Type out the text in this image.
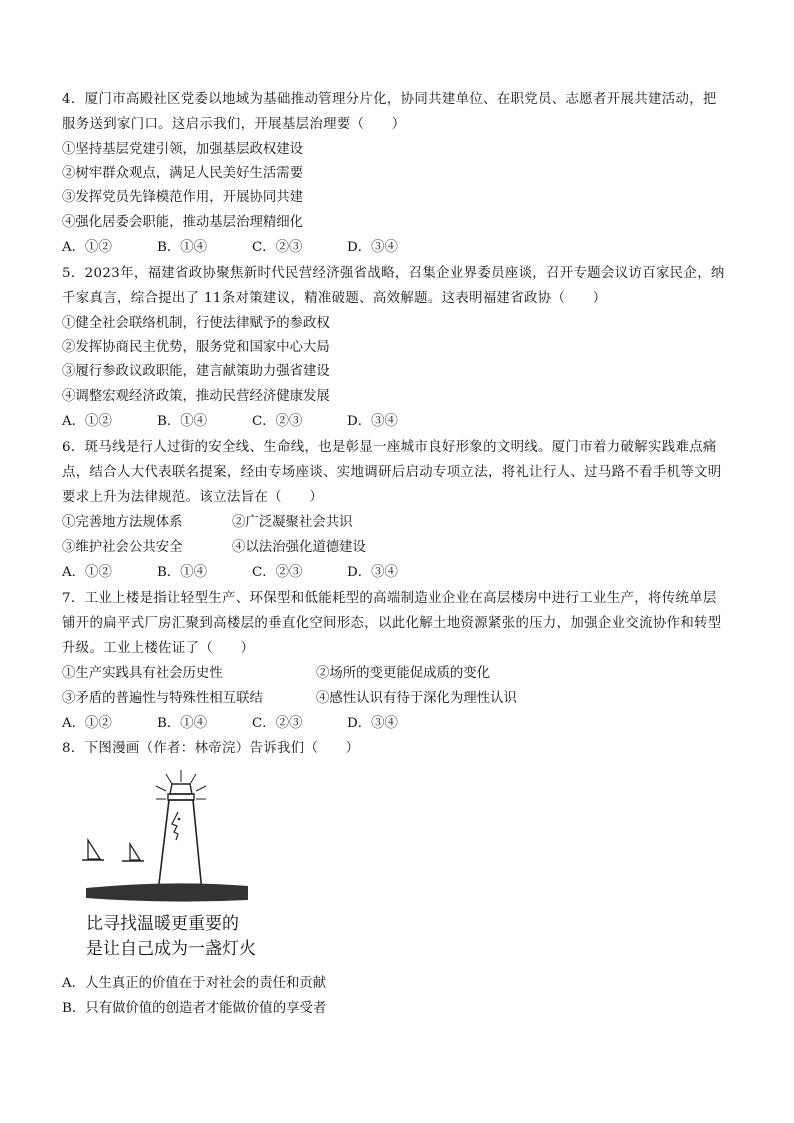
4．厦门市高殿社区党委以地域为基础推动管理分片化，协同共建单位、在职党员、志愿者开展共建活动，把
服务送到家门口。这启示我们，开展基层治理要（　　）
①坚持基层党建引领，加强基层政权建设
②树牢群众观点，满足人民美好生活需要
③发挥党员先锋模范作用，开展协同共建
④强化居委会职能，推动基层治理精细化
A．①②	B．①④	C．②③	D．③④
5．2023年，福建省政协聚焦新时代民营经济强省战略，召集企业界委员座谈，召开专题会议访百家民企，纳
千家真言，综合提出了 11条对策建议，精准破题、高效解题。这表明福建省政协（　　）
①健全社会联络机制，行使法律赋予的参政权
②发挥协商民主优势，服务党和国家中心大局
③履行参政议政职能，建言献策助力强省建设
④调整宏观经济政策，推动民营经济健康发展
A．①②	B．①④	C．②③	D．③④
6．斑马线是行人过街的安全线、生命线，也是彰显一座城市良好形象的文明线。厦门市着力破解实践难点痛
点，结合人大代表联名提案，经由专场座谈、实地调研后启动专项立法，将礼让行人、过马路不看手机等文明
要求上升为法律规范。该立法旨在（　　）
①完善地方法规体系	②广泛凝聚社会共识
③维护社会公共安全	④以法治强化道德建设
A．①②	B．①④	C．②③	D．③④
7．工业上楼是指让轻型生产、环保型和低能耗型的高端制造业企业在高层楼房中进行工业生产，将传统单层
铺开的扁平式厂房汇聚到高楼层的垂直化空间形态，以此化解土地资源紧张的压力，加强企业交流协作和转型
升级。工业上楼佐证了（　　）
①生产实践具有社会历史性	②场所的变更能促成质的变化
③矛盾的普遍性与特殊性相互联结	④感性认识有待于深化为理性认识
A．①②	B．①④	C．②③	D．③④
8．下图漫画（作者：林帝浣）告诉我们（　　）
比寻找温暖更重要的
是让自己成为一盏灯火
A．人生真正的价值在于对社会的责任和贡献
B．只有做价值的创造者才能做价值的享受者
